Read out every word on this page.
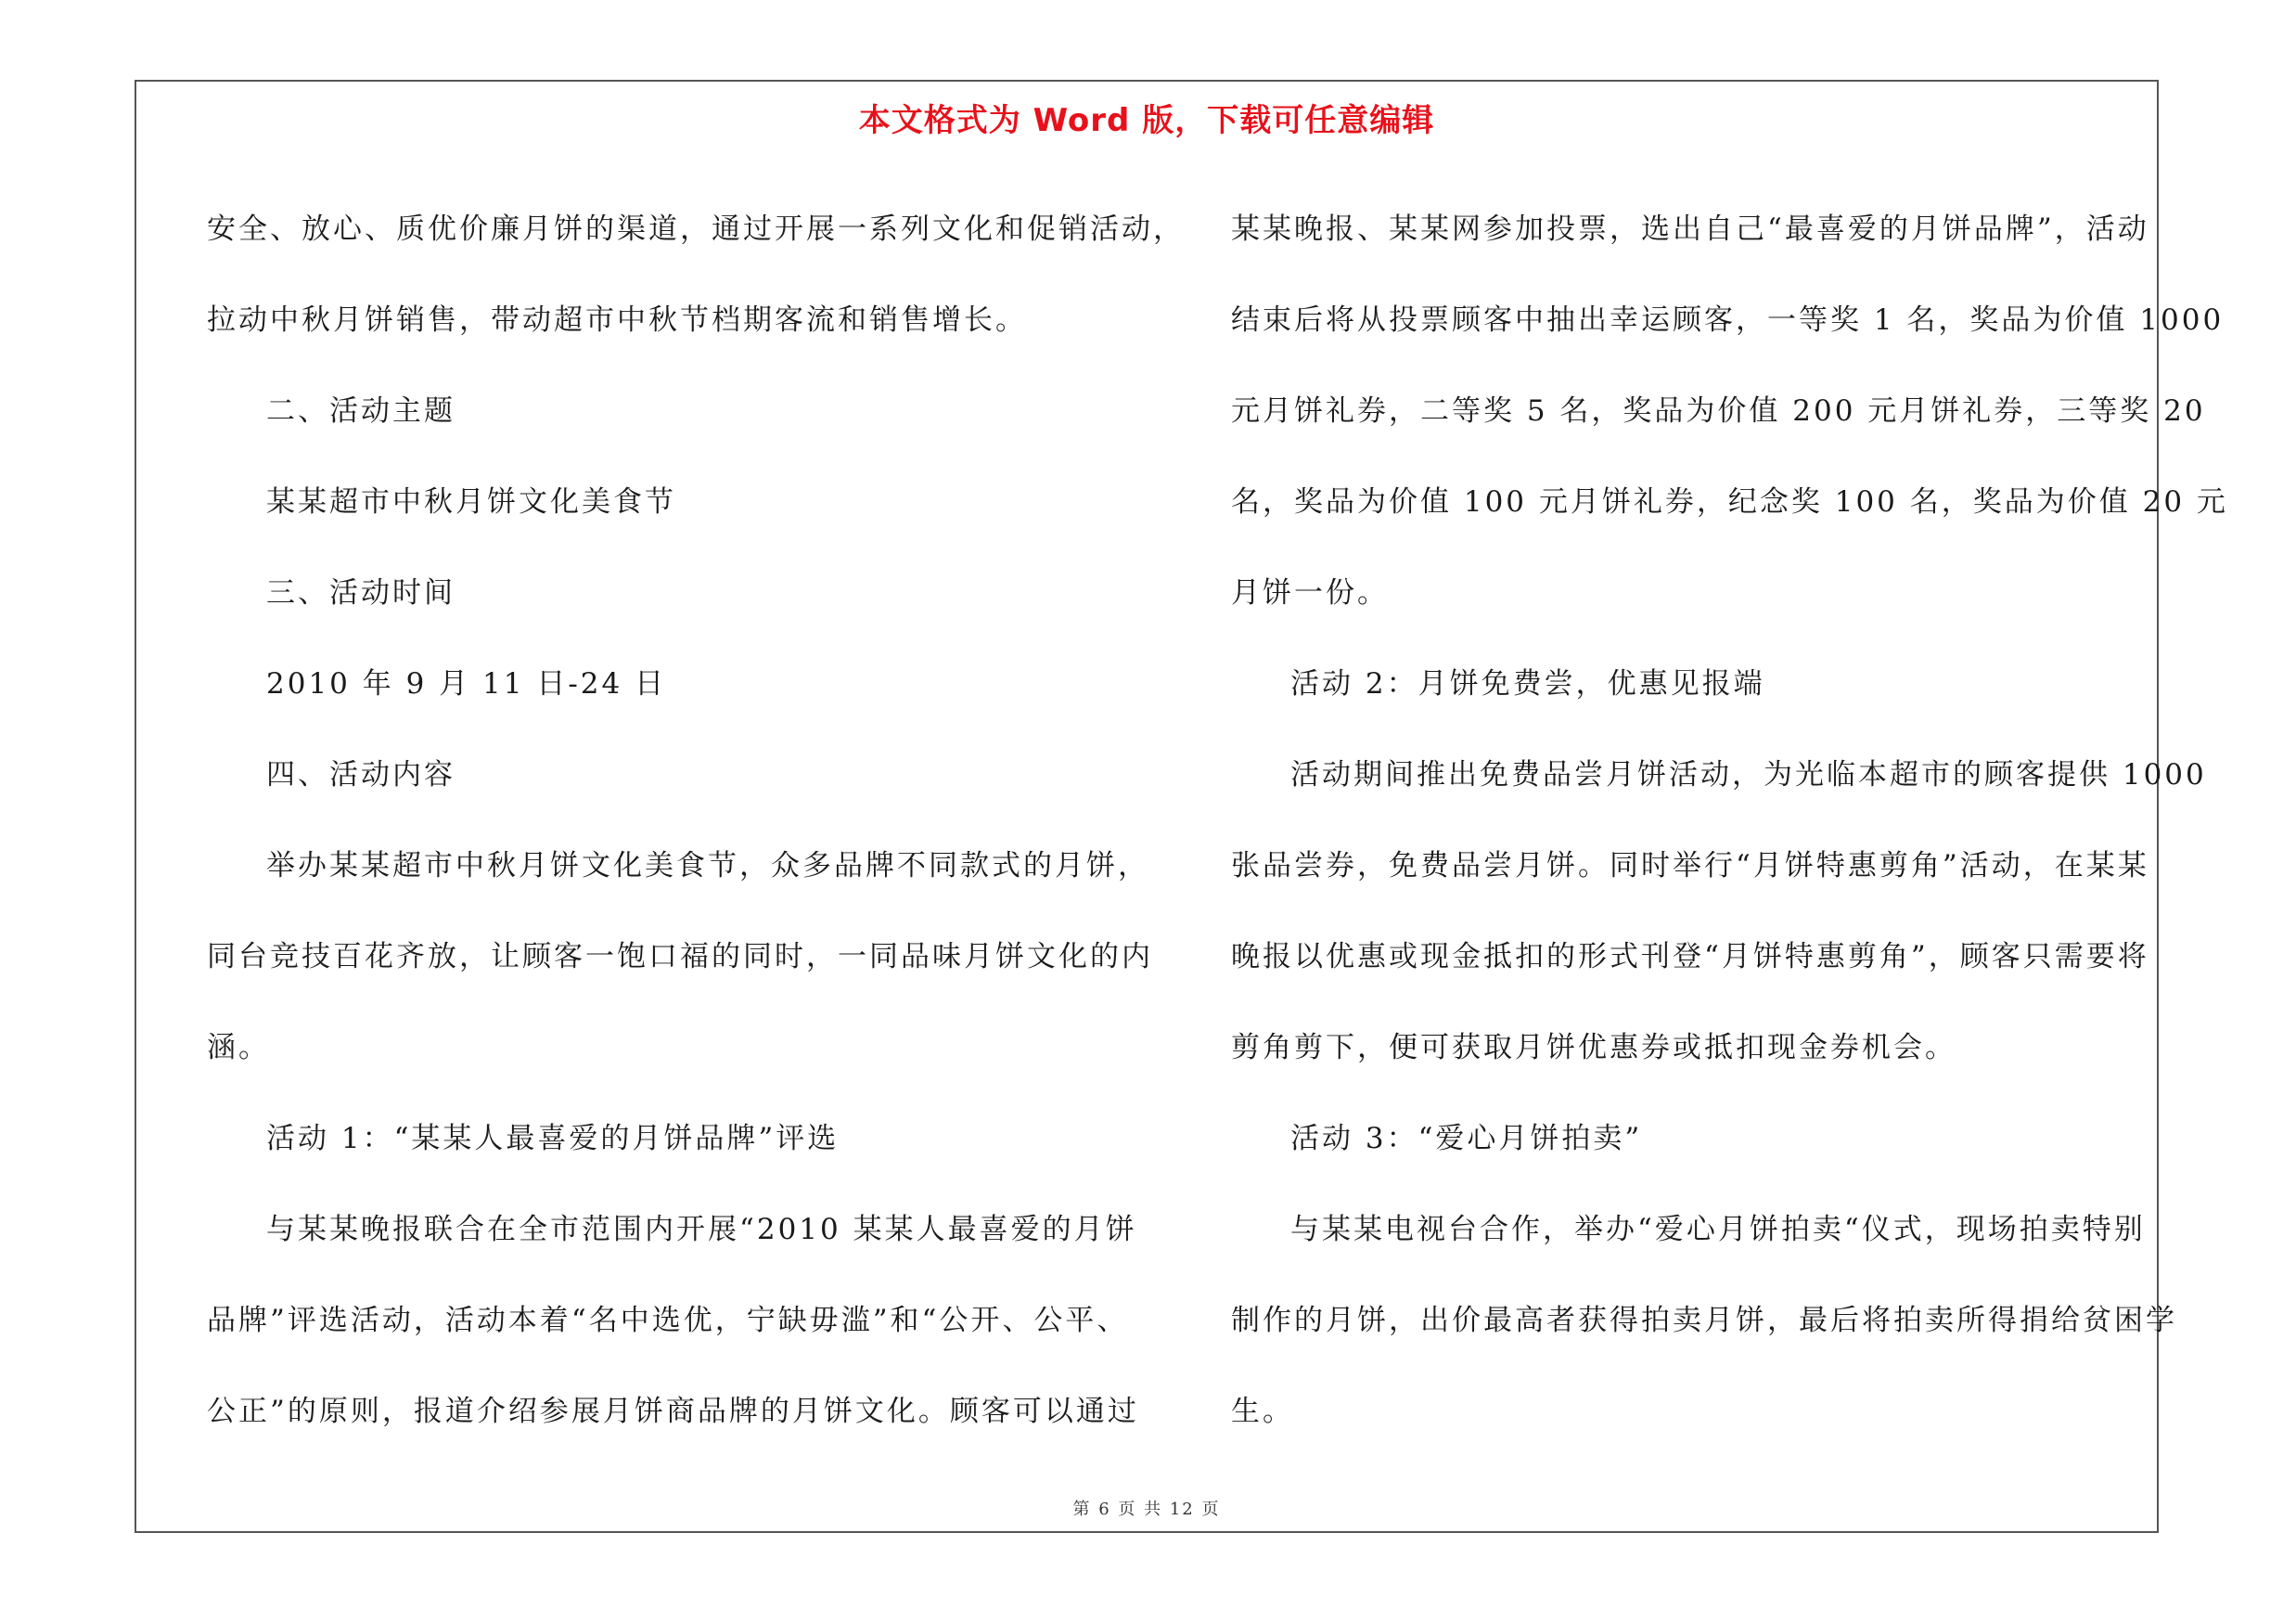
本文格式为 Word 版，下载可任意编辑
安全、放心、质优价廉月饼的渠道，通过开展一系列文化和促销活动，
拉动中秋月饼销售，带动超市中秋节档期客流和销售增长。
二、活动主题
某某超市中秋月饼文化美食节
三、活动时间
2010 年 9 月 11 日-24 日
四、活动内容
举办某某超市中秋月饼文化美食节，众多品牌不同款式的月饼，
同台竞技百花齐放，让顾客一饱口福的同时，一同品味月饼文化的内
涵。
活动 1：“某某人最喜爱的月饼品牌”评选
与某某晚报联合在全市范围内开展“2010 某某人最喜爱的月饼
品牌”评选活动，活动本着“名中选优，宁缺毋滥”和“公开、公平、
公正”的原则，报道介绍参展月饼商品牌的月饼文化。顾客可以通过
某某晚报、某某网参加投票，选出自己“最喜爱的月饼品牌”，活动
结束后将从投票顾客中抽出幸运顾客，一等奖 1 名，奖品为价值 1000
元月饼礼券，二等奖 5 名，奖品为价值 200 元月饼礼券，三等奖 20
名，奖品为价值 100 元月饼礼券，纪念奖 100 名，奖品为价值 20 元
月饼一份。
活动 2：月饼免费尝，优惠见报端
活动期间推出免费品尝月饼活动，为光临本超市的顾客提供 1000
张品尝券，免费品尝月饼。同时举行“月饼特惠剪角”活动，在某某
晚报以优惠或现金抵扣的形式刊登“月饼特惠剪角”，顾客只需要将
剪角剪下，便可获取月饼优惠券或抵扣现金券机会。
活动 3：“爱心月饼拍卖”
与某某电视台合作，举办“爱心月饼拍卖“仪式，现场拍卖特别
制作的月饼，出价最高者获得拍卖月饼，最后将拍卖所得捐给贫困学
生。
第 6 页 共 12 页
